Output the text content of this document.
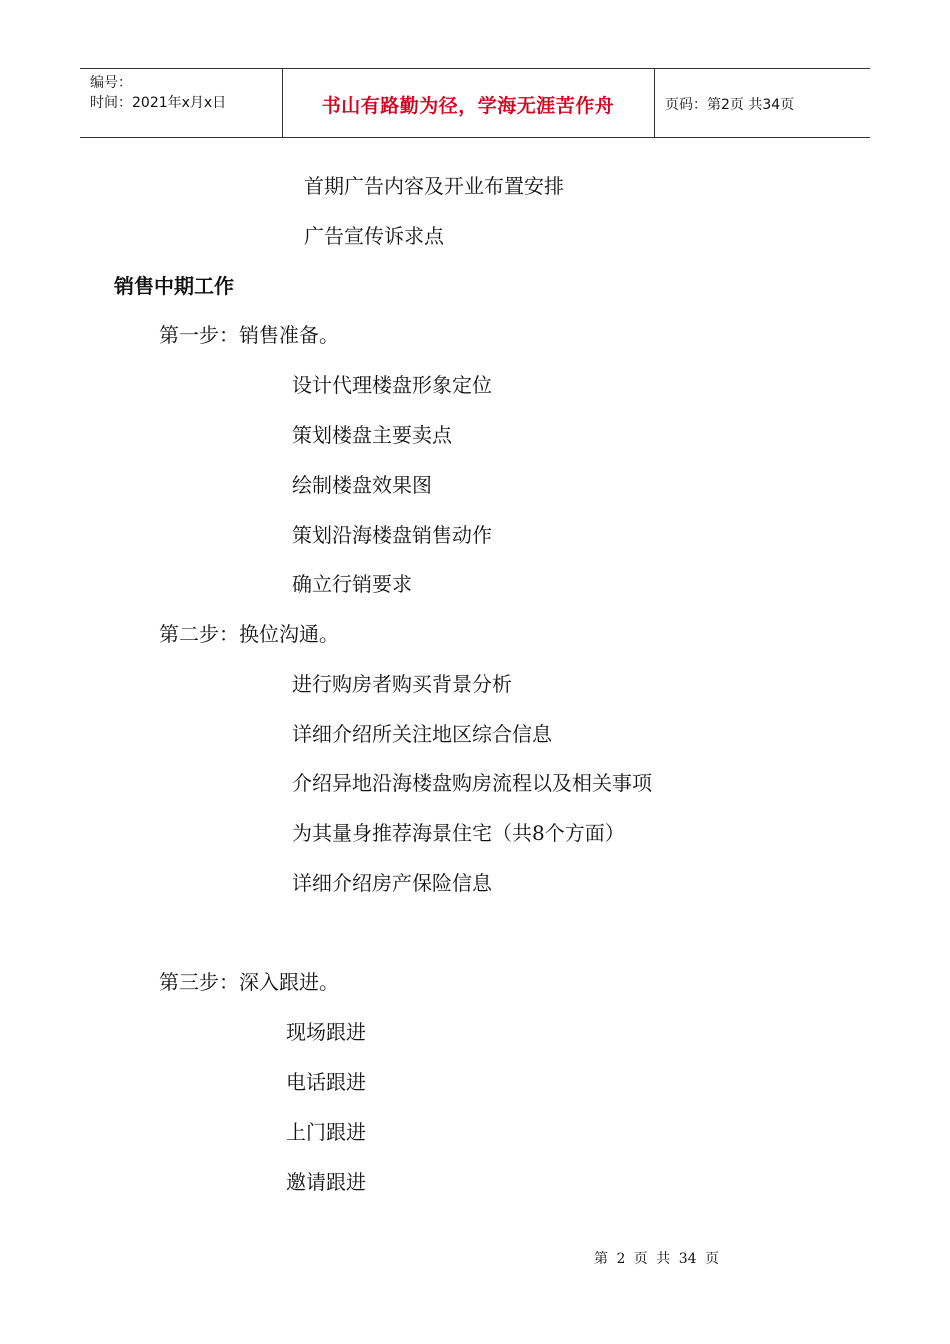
编号：
时间：2021年x月x日	书山有路勤为径，学海无涯苦作舟	页码：第2页 共34页
首期广告内容及开业布置安排
广告宣传诉求点
销售中期工作
第一步：销售准备。
设计代理楼盘形象定位
策划楼盘主要卖点
绘制楼盘效果图
策划沿海楼盘销售动作
确立行销要求
第二步：换位沟通。
进行购房者购买背景分析
详细介绍所关注地区综合信息
介绍异地沿海楼盘购房流程以及相关事项
为其量身推荐海景住宅（共8个方面）
详细介绍房产保险信息
第三步：深入跟进。
现场跟进
电话跟进
上门跟进
邀请跟进
第 2 页 共 34 页
